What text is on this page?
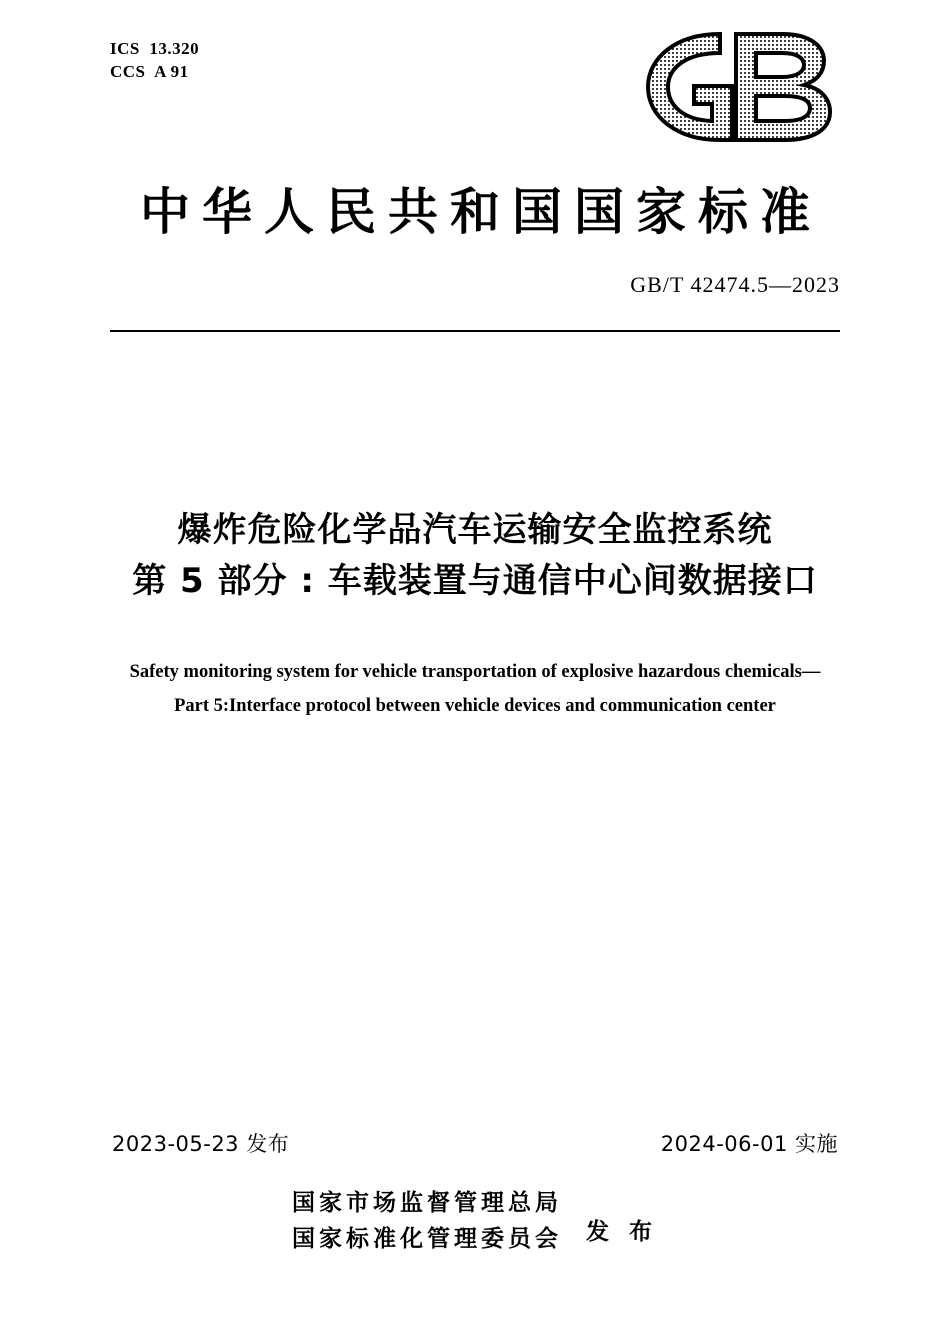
ICS  13.320
CCS  A 91
中华人民共和国国家标准
GB/T 42474.5—2023
爆炸危险化学品汽车运输安全监控系统
第 5 部分 : 车载装置与通信中心间数据接口
Safety monitoring system for vehicle transportation of explosive hazardous chemicals—
Part 5:Interface protocol between vehicle devices and communication center
2023-05-23 发布	2024-06-01 实施
国家市场监督管理总局
国家标准化管理委员会 发 布
